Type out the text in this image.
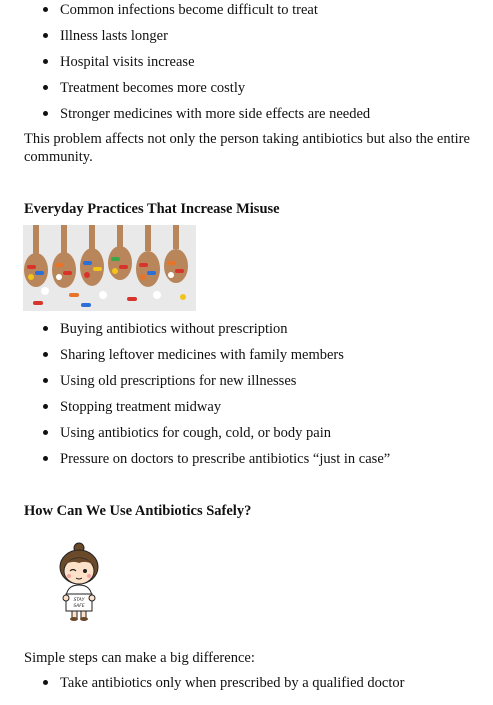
Common infections become difficult to treat
Illness lasts longer
Hospital visits increase
Treatment becomes more costly
Stronger medicines with more side effects are needed

This problem affects not only the person taking antibiotics but also the entire community.

Everyday Practices That Increase Misuse
Buying antibiotics without prescription
Sharing leftover medicines with family members
Using old prescriptions for new illnesses
Stopping treatment midway
Using antibiotics for cough, cold, or body pain
Pressure on doctors to prescribe antibiotics “just in case”
How Can We Use Antibiotics Safely?
STAY
SAFE

Simple steps can make a big difference:

Take antibiotics only when prescribed by a qualified doctor
